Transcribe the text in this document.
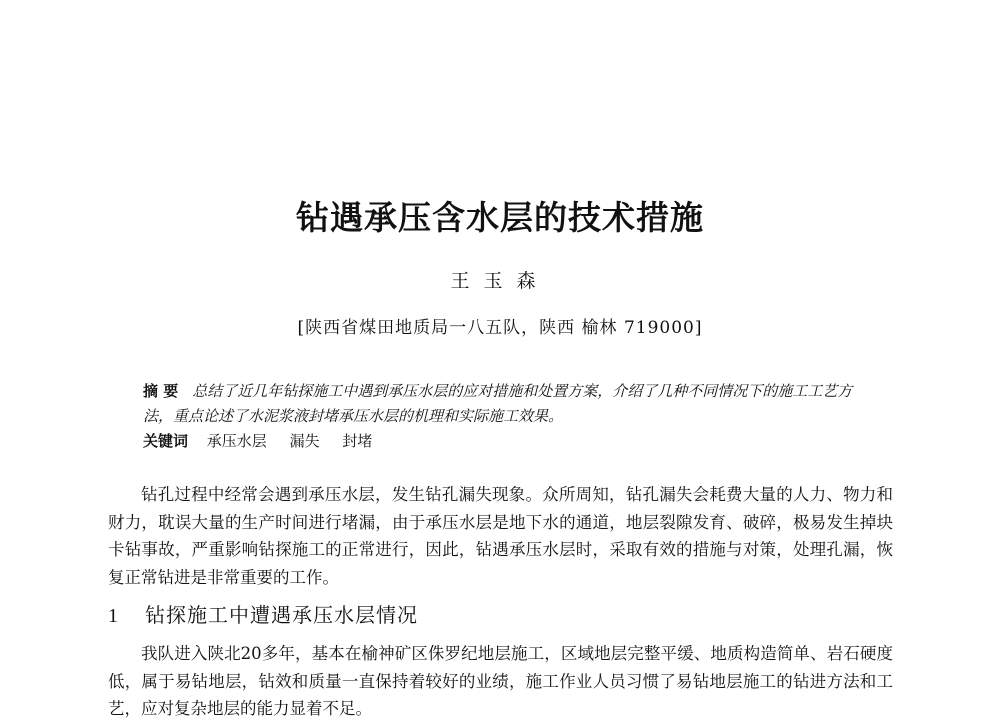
钻遇承压含水层的技术措施
王玉森
[陕西省煤田地质局一八五队，陕西 榆林 719000]
摘 要 总结了近几年钻探施工中遇到承压水层的应对措施和处置方案，介绍了几种不同情况下的施工工艺方法，重点论述了水泥浆液封堵承压水层的机理和实际施工效果。
关键词 承压水层 漏失 封堵

钻孔过程中经常会遇到承压水层，发生钻孔漏失现象。众所周知，钻孔漏失会耗费大量的人力、物力和财力，耽误大量的生产时间进行堵漏，由于承压水层是地下水的通道，地层裂隙发育、破碎，极易发生掉块卡钻事故，严重影响钻探施工的正常进行，因此，钻遇承压水层时，采取有效的措施与对策，处理孔漏，恢复正常钻进是非常重要的工作。

1 钻探施工中遭遇承压水层情况

我队进入陕北20多年，基本在榆神矿区侏罗纪地层施工，区域地层完整平缓、地质构造简单、岩石硬度低，属于易钻地层，钻效和质量一直保持着较好的业绩，施工作业人员习惯了易钻地层施工的钻进方法和工艺，应对复杂地层的能力显着不足。
